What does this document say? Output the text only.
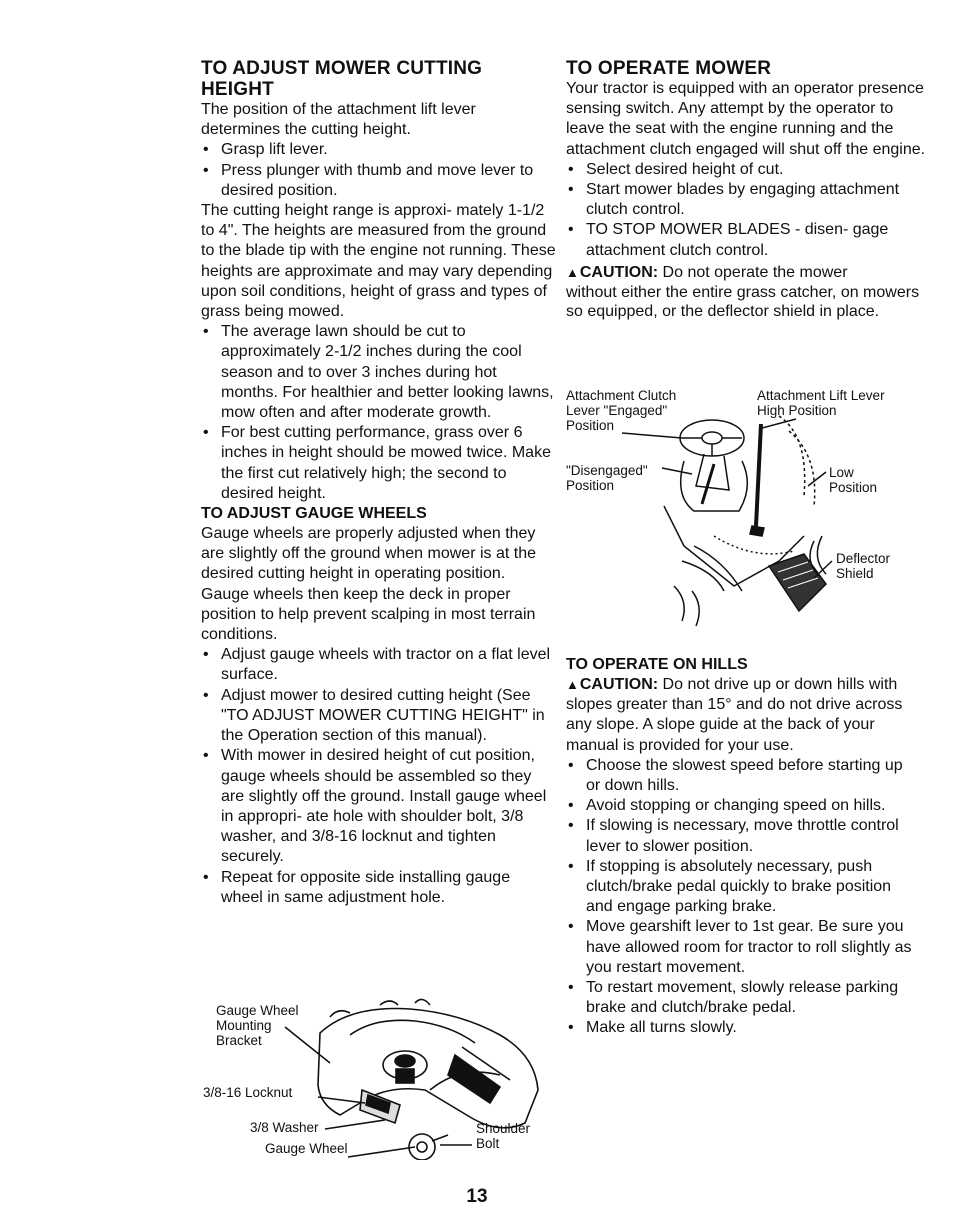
TO ADJUST MOWER CUTTING
HEIGHT

The position of the attachment lift lever determines the cutting height.

• Grasp lift lever.
• Press plunger with thumb and move lever to desired position.

The cutting height range is approxi- mately 1-1/2 to 4". The heights are measured from the ground to the blade tip with the engine not running. These heights are approximate and may vary depending upon soil conditions, height of grass and types of grass being mowed.

• The average lawn should be cut to approximately 2-1/2 inches during the cool season and to over 3 inches during hot months. For healthier and better looking lawns, mow often and after moderate growth.
• For best cutting performance, grass over 6 inches in height should be mowed twice. Make the first cut relatively high; the second to desired height.
TO ADJUST GAUGE WHEELS

Gauge wheels are properly adjusted when they are slightly off the ground when mower is at the desired cutting height in operating position. Gauge wheels then keep the deck in proper position to help prevent scalping in most terrain conditions.

• Adjust gauge wheels with tractor on a flat level surface.
• Adjust mower to desired cutting height (See "TO ADJUST MOWER CUTTING HEIGHT" in the Operation section of this manual).
• With mower in desired height of cut position, gauge wheels should be assembled so they are slightly off the ground. Install gauge wheel in appropri- ate hole with shoulder bolt, 3/8 washer, and 3/8-16 locknut and tighten securely.
• Repeat for opposite side installing gauge wheel in same adjustment hole.
Gauge Wheel
Mounting
Bracket
3/8-16 Locknut
3/8 Washer
Gauge Wheel
Shoulder
Bolt
TO OPERATE MOWER

Your tractor is equipped with an operator presence sensing switch. Any attempt by the operator to leave the seat with the engine running and the attachment clutch engaged will shut off the engine.

• Select desired height of cut.
• Start mower blades by engaging attachment clutch control.
• TO STOP MOWER BLADES - disen- gage attachment clutch control.

▲CAUTION: Do not operate the mower

without either the entire grass catcher, on mowers so equipped, or the deflector shield in place.

Attachment Clutch
Lever "Engaged"
Position
Attachment Lift Lever
High Position
"Disengaged"
Position
Low
Position
Deflector
Shield
TO OPERATE ON HILLS

▲CAUTION: Do not drive up or down hills with slopes greater than 15° and do not drive across any slope. A slope guide at the back of your manual is provided for your use.

• Choose the slowest speed before starting up or down hills.
• Avoid stopping or changing speed on hills.
• If slowing is necessary, move throttle control lever to slower position.
• If stopping is absolutely necessary, push clutch/brake pedal quickly to brake position and engage parking brake.
• Move gearshift lever to 1st gear. Be sure you have allowed room for tractor to roll slightly as you restart movement.
• To restart movement, slowly release parking brake and clutch/brake pedal.
• Make all turns slowly.
13
